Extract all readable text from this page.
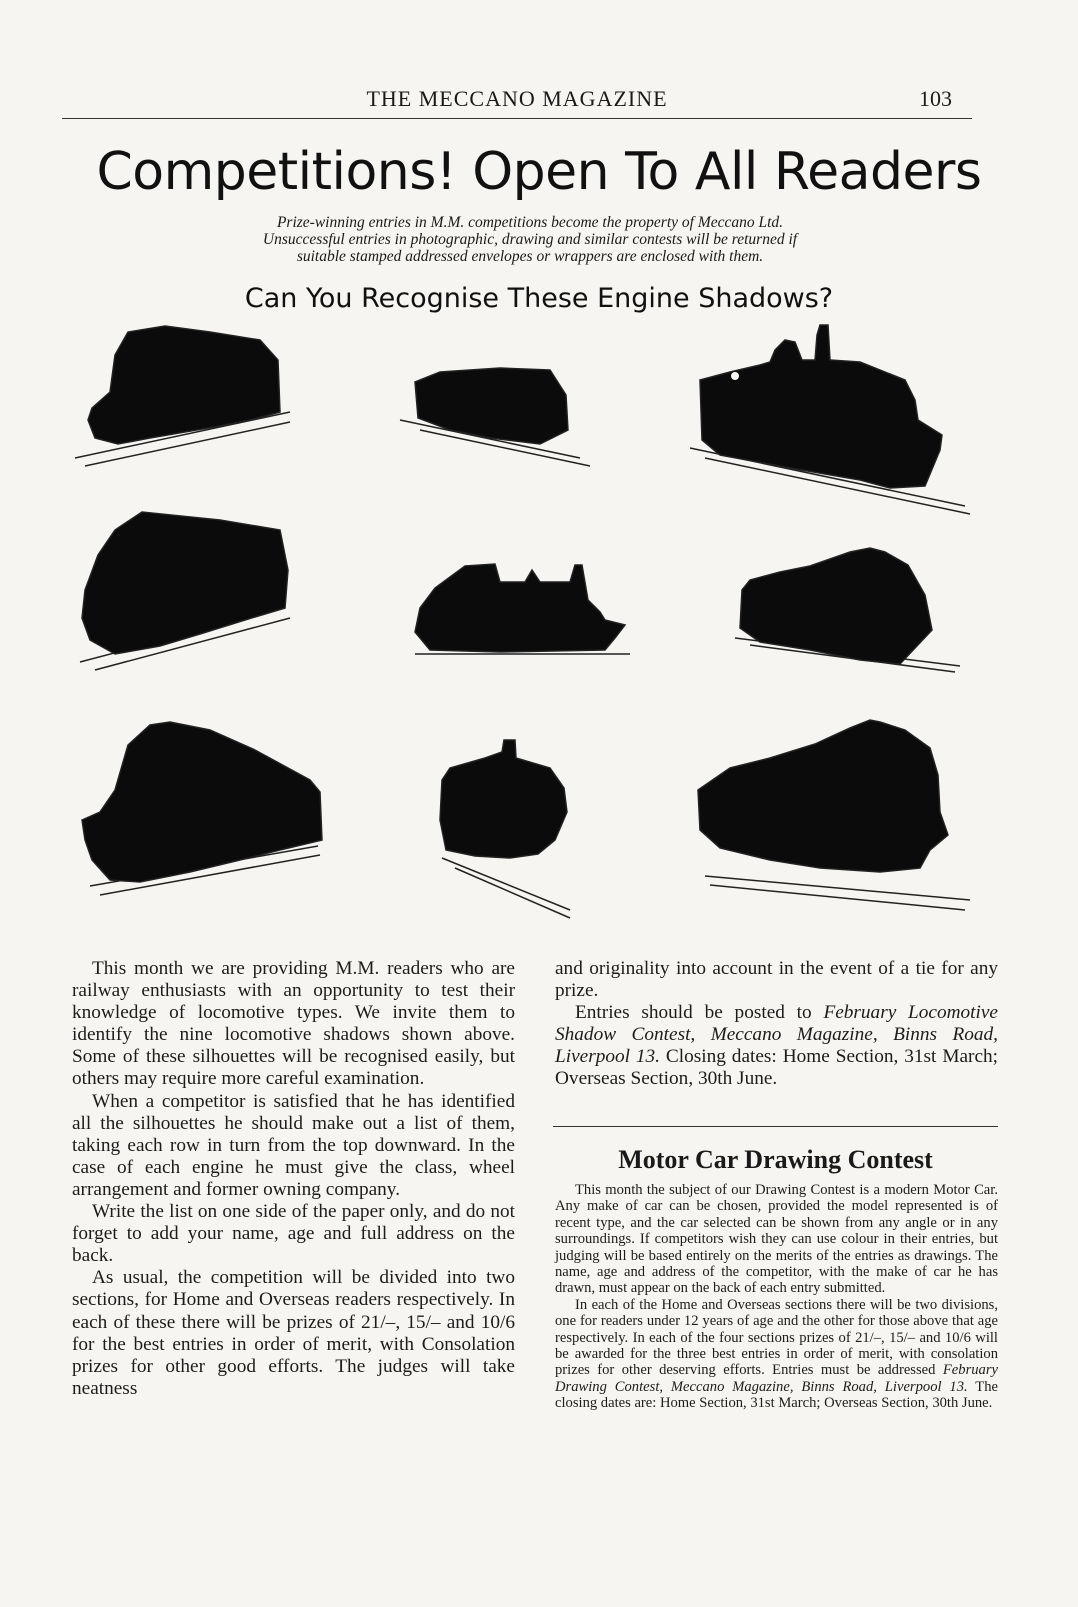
THE MECCANO MAGAZINE	103
Competitions! Open To All Readers
Prize-winning entries in M.M. competitions become the property of Meccano Ltd.
Unsuccessful entries in photographic, drawing and similar contests will be returned if
suitable stamped addressed envelopes or wrappers are enclosed with them.
Can You Recognise These Engine Shadows?

This month we are providing M.M. readers who are railway enthusiasts with an opportunity to test their knowledge of locomotive types. We invite them to identify the nine locomotive shadows shown above. Some of these silhouettes will be recognised easily, but others may require more careful examination.

When a competitor is satisfied that he has identified all the silhouettes he should make out a list of them, taking each row in turn from the top downward. In the case of each engine he must give the class, wheel arrangement and former owning company.

Write the list on one side of the paper only, and do not forget to add your name, age and full address on the back.

As usual, the competition will be divided into two sections, for Home and Overseas readers respectively. In each of these there will be prizes of 21/–, 15/– and 10/6 for the best entries in order of merit, with Consolation prizes for other good efforts. The judges will take neatness

and originality into account in the event of a tie for any prize.

Entries should be posted to February Locomotive Shadow Contest, Meccano Magazine, Binns Road, Liverpool 13. Closing dates: Home Section, 31st March; Overseas Section, 30th June.

Motor Car Drawing Contest

This month the subject of our Drawing Contest is a modern Motor Car. Any make of car can be chosen, provided the model represented is of recent type, and the car selected can be shown from any angle or in any surroundings. If competitors wish they can use colour in their entries, but judging will be based entirely on the merits of the entries as drawings. The name, age and address of the competitor, with the make of car he has drawn, must appear on the back of each entry submitted.

In each of the Home and Overseas sections there will be two divisions, one for readers under 12 years of age and the other for those above that age respectively. In each of the four sections prizes of 21/–, 15/– and 10/6 will be awarded for the three best entries in order of merit, with consolation prizes for other deserving efforts. Entries must be addressed February Drawing Contest, Meccano Magazine, Binns Road, Liverpool 13. The closing dates are: Home Section, 31st March; Overseas Section, 30th June.
